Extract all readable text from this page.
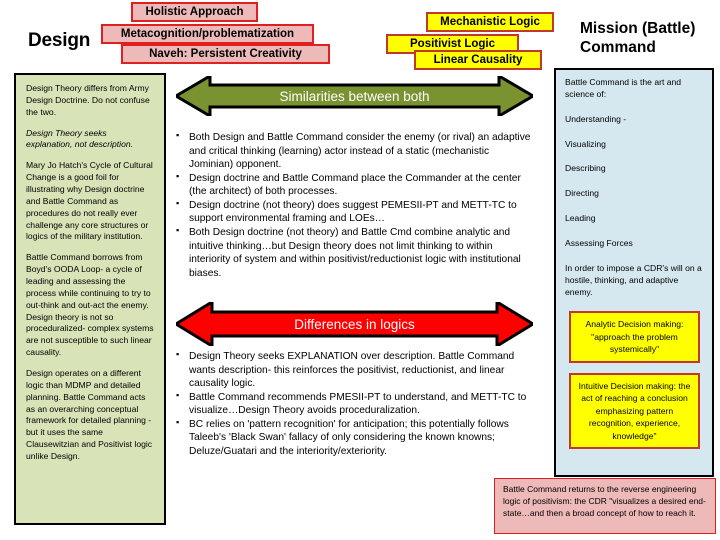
Design
Mission (Battle) Command
Holistic Approach
Metacognition/problematization
Naveh: Persistent Creativity
Mechanistic Logic
Positivist Logic
Linear Causality

Design Theory differs from Army Design Doctrine. Do not confuse the two.

Design Theory seeks explanation, not description.

Mary Jo Hatch's Cycle of Cultural Change is a good foil for illustrating why Design doctrine and Battle Command as procedures do not really ever challenge any core structures or logics of the military institution.

Battle Command borrows from Boyd's OODA Loop- a cycle of leading and assessing the process while continuing to try to out-think and out-act the enemy. Design theory is not so proceduralized- complex systems are not susceptible to such linear causality.

Design operates on a different logic than MDMP and detailed planning. Battle Command acts as an overarching conceptual framework for detailed planning - but it uses the same Clausewitzian and Positivist logic unlike Design.

Battle Command is the art and science of:

Understanding -

Visualizing

Describing

Directing

Leading

Assessing Forces

In order to impose a CDR's will on a hostile, thinking, and adaptive enemy.

Analytic Decision making: "approach the problem systemically"
Intuitive Decision making: the act of reaching a conclusion emphasizing pattern recognition, experience, knowledge"
Similarities between both
▪ Both Design and Battle Command consider the enemy (or rival) an adaptive and critical thinking (learning) actor instead of a static (mechanistic Jominian) opponent.
▪ Design doctrine and Battle Command place the Commander at the center (the architect) of both processes.
▪ Design doctrine (not theory) does suggest PEMESII-PT and METT-TC to support environmental framing and LOEs…
▪ Both Design doctrine (not theory) and Battle Cmd combine analytic and intuitive thinking…but Design theory does not limit thinking to within interiority of system and within positivist/reductionist logic with institutional biases.
Differences in logics
▪ Design Theory seeks EXPLANATION over description. Battle Command wants description- this reinforces the positivist, reductionist, and linear causality logic.
▪ Battle Command recommends PMESII-PT to understand, and METT-TC to visualize…Design Theory avoids proceduralization.
▪ BC relies on 'pattern recognition' for anticipation; this potentially follows Taleeb's 'Black Swan' fallacy of only considering the known knowns; Deluze/Guatari and the interiority/exteriority.
Battle Command returns to the reverse engineering logic of positivism: the CDR "visualizes a desired end-state…and then a broad concept of how to reach it.
